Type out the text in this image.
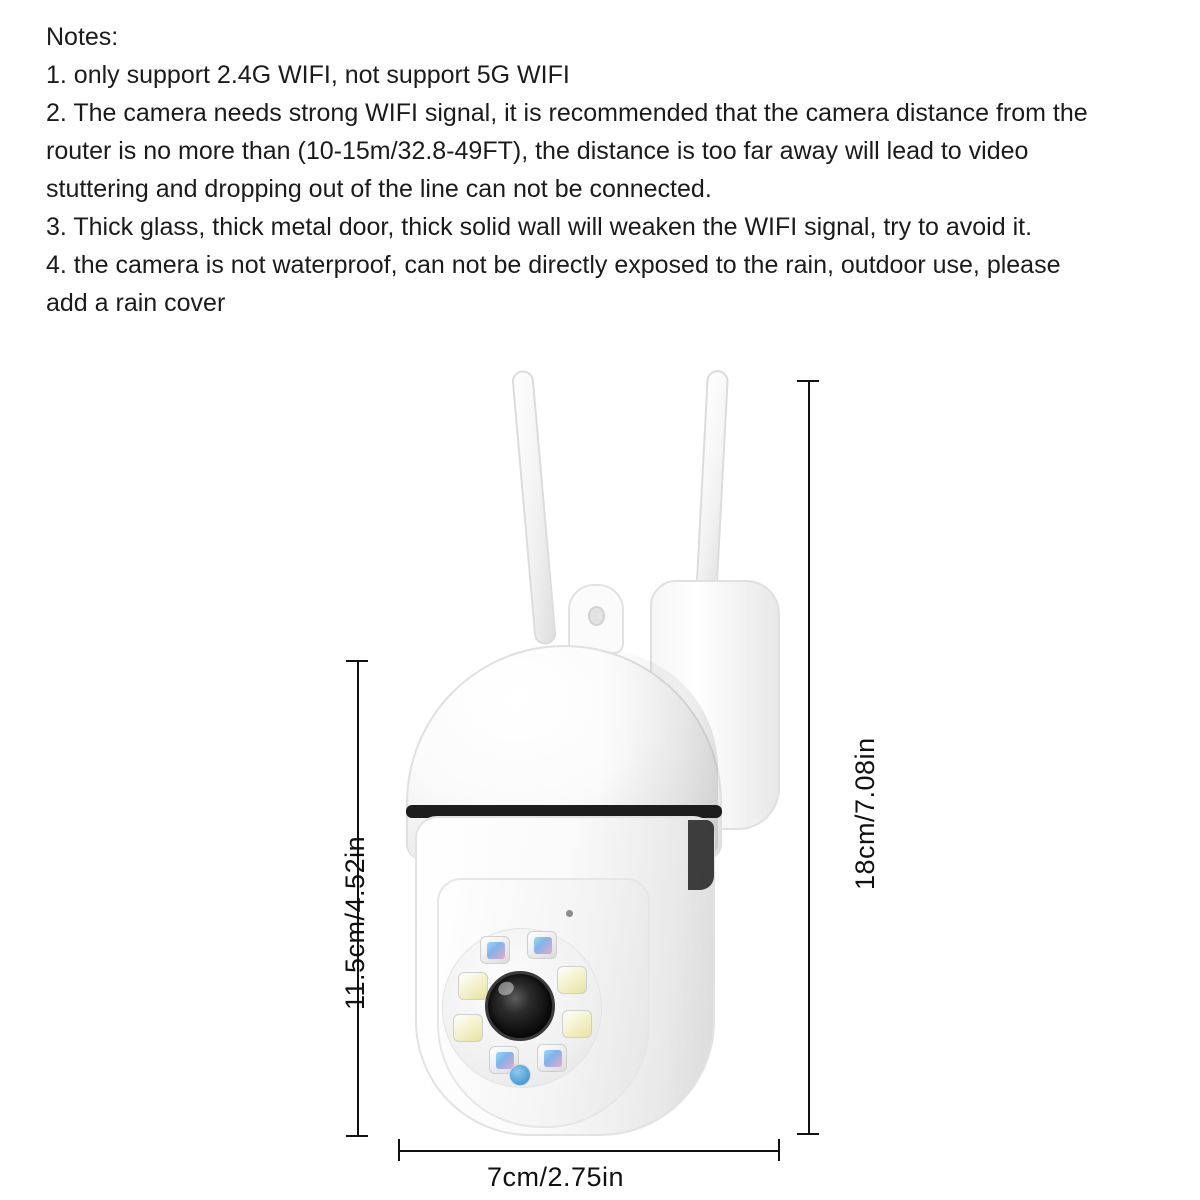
Notes:
1. only support 2.4G WIFI, not support 5G WIFI
2. The camera needs strong WIFI signal, it is recommended that the camera distance from the
router is no more than (10-15m/32.8-49FT), the distance is too far away will lead to video
stuttering and dropping out of the line can not be connected.
3. Thick glass, thick metal door, thick solid wall will weaken the WIFI signal, try to avoid it.
4. the camera is not waterproof, can not be directly exposed to the rain, outdoor use, please
add a rain cover
11.5cm/4.52in
18cm/7.08in
7cm/2.75in
